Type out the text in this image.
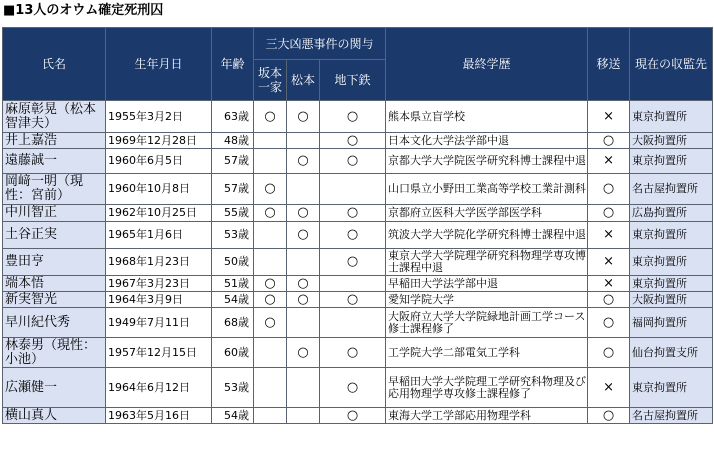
■13人のオウム確定死刑囚
氏名	生年月日	年齢	三大凶悪事件の関与			最終学歴	移送	現在の収監先
			坂本一家	松本	地下鉄			
麻原彰晃（松本智津夫）	1955年3月2日	63歳	○	○	○	熊本県立盲学校	×	東京拘置所
井上嘉浩	1969年12月28日	48歳			○	日本文化大学法学部中退	○	大阪拘置所
遠藤誠一	1960年6月5日	57歳		○	○	京都大学大学院医学研究科博士課程中退	×	東京拘置所
岡﨑一明（現性：宮前）	1960年10月8日	57歳	○			山口県立小野田工業高等学校工業計測科	○	名古屋拘置所
中川智正	1962年10月25日	55歳	○	○	○	京都府立医科大学医学部医学科	○	広島拘置所
土谷正実	1965年1月6日	53歳		○	○	筑波大学大学院化学研究科博士課程中退	×	東京拘置所
豊田亨	1968年1月23日	50歳			○	東京大学大学院理学研究科物理学専攻博士課程中退	×	東京拘置所
端本悟	1967年3月23日	51歳	○	○		早稲田大学法学部中退	×	東京拘置所
新実智光	1964年3月9日	54歳	○	○	○	愛知学院大学	○	大阪拘置所
早川紀代秀	1949年7月11日	68歳	○			大阪府立大学大学院緑地計画工学コース修士課程修了	○	福岡拘置所
林泰男（現性：小池）	1957年12月15日	60歳		○	○	工学院大学二部電気工学科	○	仙台拘置支所
広瀬健一	1964年6月12日	53歳			○	早稲田大学大学院理工学研究科物理及び応用物理学専攻修士課程修了	×	東京拘置所
横山真人	1963年5月16日	54歳			○	東海大学工学部応用物理学科	○	名古屋拘置所
